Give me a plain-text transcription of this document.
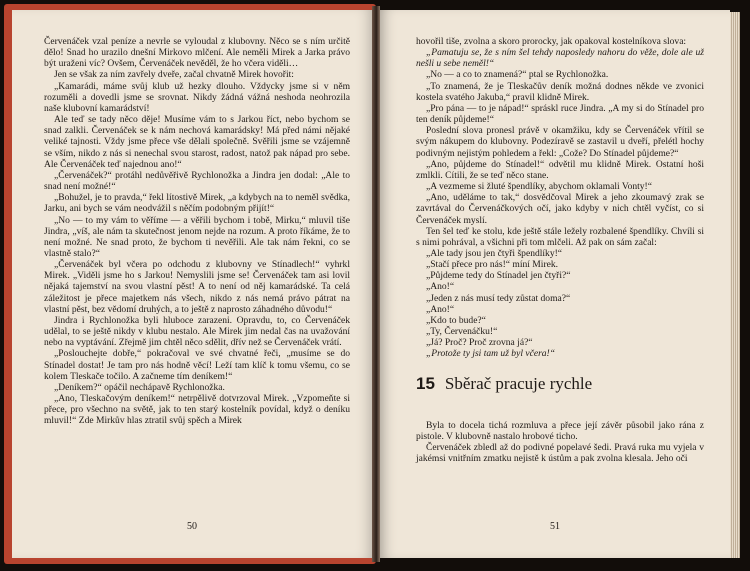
Červenáček vzal peníze a nevrle se vyloudal z klubovny. Něco se s ním určitě dělo! Snad ho urazilo dnešní Mirkovo mlčení. Ale neměli Mirek a Jarka právo být uraženi víc? Ovšem, Červenáček nevěděl, že ho včera viděli…

Jen se však za ním zavřely dveře, začal chvatně Mirek hovořit:

„Kamarádi, máme svůj klub už hezky dlouho. Vždycky jsme si v něm rozuměli a dovedli jsme se srovnat. Nikdy žádná vážná neshoda neohrozila naše klubovní kamarádství!

Ale teď se tady něco děje! Musíme vám to s Jarkou říct, nebo bychom se snad zalkli. Červenáček se k nám nechová kamarádsky! Má před námi nějaké veliké tajnosti. Vždy jsme přece vše dělali společně. Svěřili jsme se vzájemně se vším, nikdo z nás si nenechal svou starost, radost, natož pak nápad pro sebe. Ale Červenáček teď najednou ano!“

„Červenáček?“ protáhl nedůvěřivě Rychlonožka a Jindra jen dodal: „Ale to snad není možné!“

„Bohužel, je to pravda,“ řekl lítostivě Mirek, „a kdybych na to neměl svědka, Jarku, ani bych se vám neodvážil s něčím podobným přijít!“

„No — to my vám to věříme — a věřili bychom i tobě, Mirku,“ mluvil tiše Jindra, „víš, ale nám ta skutečnost jenom nejde na rozum. A proto říkáme, že to není možné. Ne snad proto, že bychom ti nevěřili. Ale tak nám řekni, co se vlastně stalo?“

„Červenáček byl včera po odchodu z klubovny ve Stínadlech!“ vyhrkl Mirek. „Viděli jsme ho s Jarkou! Nemyslili jsme se! Červenáček tam asi lovil nějaká tajemství na svou vlastní pěst! A to není od něj kamarádské. Ta celá záležitost je přece majetkem nás všech, nikdo z nás nemá právo pátrat na vlastní pěst, bez vědomí druhých, a to ještě z naprosto záhadného důvodu!“

Jindra i Rychlonožka byli hluboce zarazeni. Opravdu, to, co Červenáček udělal, to se ještě nikdy v klubu nestalo. Ale Mirek jim nedal čas na uvažování nebo na vyptávání. Zřejmě jim chtěl něco sdělit, dřív než se Červenáček vrátí.

„Poslouchejte dobře,“ pokračoval ve své chvatné řeči, „musíme se do Stínadel dostat! Je tam pro nás hodně věcí! Leží tam klíč k tomu všemu, co se kolem Tleskače točilo. A začneme tím deníkem!“

„Deníkem?“ opáčil nechápavě Rychlonožka.

„Ano, Tleskačovým deníkem!“ netrpělivě dotvrzoval Mirek. „Vzpomeňte si přece, pro všechno na světě, jak to ten starý kostelník povídal, když o deníku mluvil!“ Zde Mirkův hlas ztratil svůj spěch a Mirek

50

hovořil tiše, zvolna a skoro prorocky, jak opakoval kostelníkova slova:

„Pamatuju se, že s ním šel tehdy naposledy nahoru do věže, dole ale už nešli u sebe neměl!“

„No — a co to znamená?“ ptal se Rychlonožka.

„To znamená, že je Tleskačův deník možná dodnes někde ve zvonici kostela svatého Jakuba,“ pravil klidně Mirek.

„Pro pána — to je nápad!“ spráskl ruce Jindra. „A my si do Stínadel pro ten deník půjdeme!“

Poslední slova pronesl právě v okamžiku, kdy se Červenáček vřítil se svým nákupem do klubovny. Podezíravě se zastavil u dveří, přelétl hochy podivným nejistým pohledem a řekl: „Cože? Do Stínadel půjdeme?“

„Ano, půjdeme do Stínadel!“ odvětil mu klidně Mirek. Ostatní hoši zmlkli. Cítili, že se teď něco stane.

„A vezmeme si žluté špendlíky, abychom oklamali Vonty!“

„Ano, uděláme to tak,“ dosvědčoval Mirek a jeho zkoumavý zrak se zavrtával do Červenáčkových očí, jako kdyby v nich chtěl vyčíst, co si Červenáček myslí.

Ten šel teď ke stolu, kde ještě stále ležely rozbalené špendlíky. Chvíli si s nimi pohrával, a všichni při tom mlčeli. Až pak on sám začal:

„Ale tady jsou jen čtyři špendlíky!“

„Stačí přece pro nás!“ míní Mirek.

„Půjdeme tedy do Stínadel jen čtyři?“

„Ano!“

„Jeden z nás musí tedy zůstat doma?“

„Ano!“

„Kdo to bude?“

„Ty, Červenáčku!“

„Já? Proč? Proč zrovna já?“

„Protože ty jsi tam už byl včera!“

15 Sběrač pracuje rychle

Byla to docela tichá rozmluva a přece její závěr působil jako rána z pistole. V klubovně nastalo hrobové ticho.

Červenáček zbledl až do podivné popelavé šedi. Pravá ruka mu vyjela v jakémsi vnitřním zmatku nejistě k ústům a pak zvolna klesala. Jeho oči

51
